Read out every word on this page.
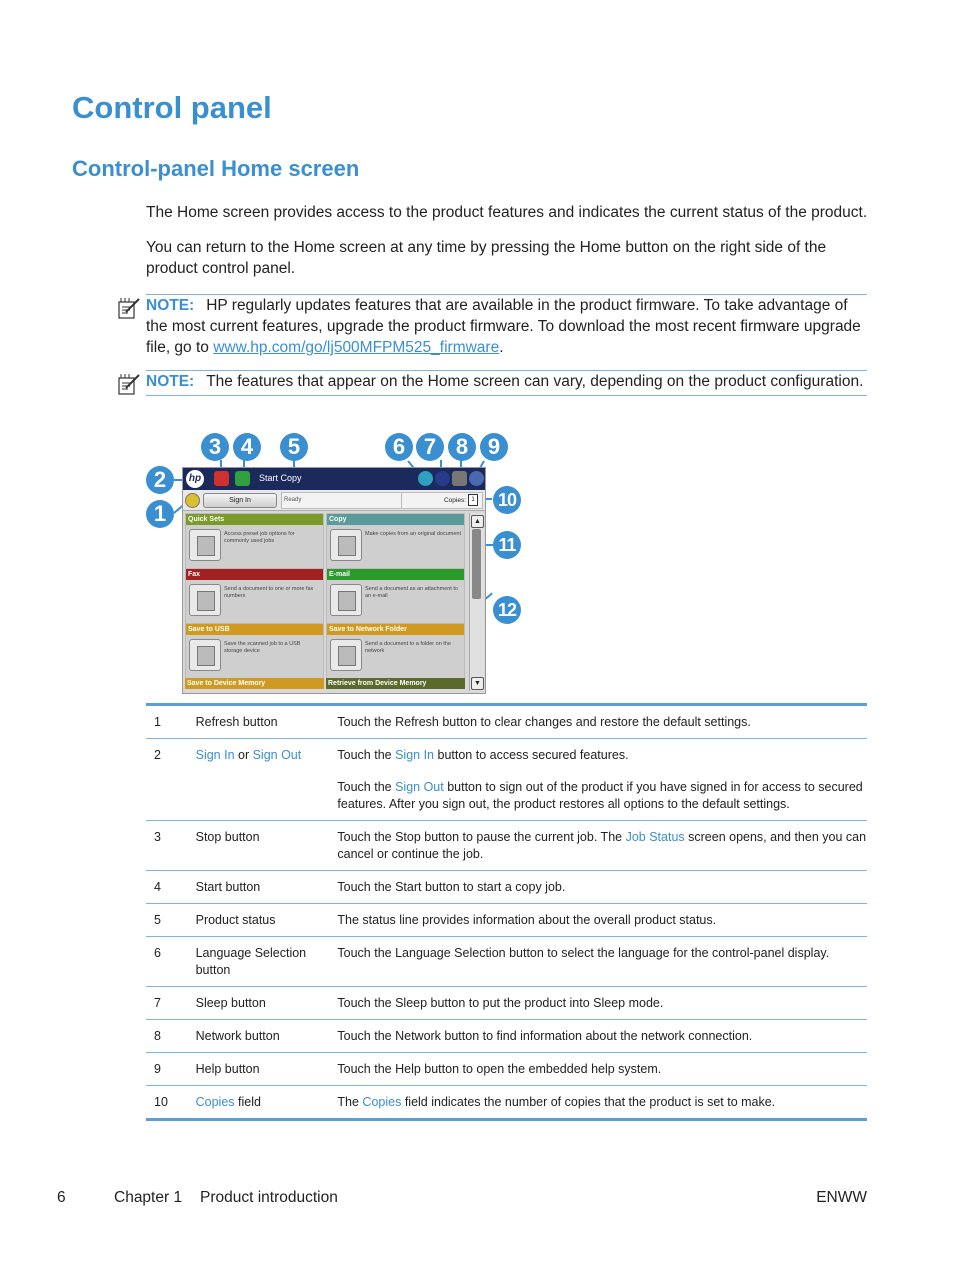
Control panel
Control-panel Home screen

The Home screen provides access to the product features and indicates the current status of the product.

You can return to the Home screen at any time by pressing the Home button on the right side of the product control panel.

NOTE: HP regularly updates features that are available in the product firmware. To take advantage of the most current features, upgrade the product firmware. To download the most recent firmware upgrade file, go to www.hp.com/go/lj500MFPM525_firmware.
NOTE: The features that appear on the Home screen can vary, depending on the product configuration.
1
2
3 4	5	6 7 8 9
10
11
12
hp	Start Copy
Sign In	Ready	Copies: 1
Quick Sets
Access preset job options for commonly used jobs
Copy
Make copies from an original document
Fax
Send a document to one or more fax numbers
E-mail
Send a document as an attachment to an e-mail
Save to USB
Save the scanned job to a USB storage device
Save to Network Folder
Send a document to a folder on the network
Save to Device Memory	Retrieve from Device Memory
▲
▼
1	Refresh button	Touch the Refresh button to clear changes and restore the default settings.
2	Sign In or Sign Out	Touch the Sign In button to access secured features.
Touch the Sign Out button to sign out of the product if you have signed in for access to secured features. After you sign out, the product restores all options to the default settings.

3	Stop button	Touch the Stop button to pause the current job. The Job Status screen opens, and then you can cancel or continue the job.
4	Start button	Touch the Start button to start a copy job.
5	Product status	The status line provides information about the overall product status.
6	Language Selection button	Touch the Language Selection button to select the language for the control-panel display.
7	Sleep button	Touch the Sleep button to put the product into Sleep mode.
8	Network button	Touch the Network button to find information about the network connection.
9	Help button	Touch the Help button to open the embedded help system.
10	Copies field	The Copies field indicates the number of copies that the product is set to make.
6	Chapter 1 Product introduction	ENWW
